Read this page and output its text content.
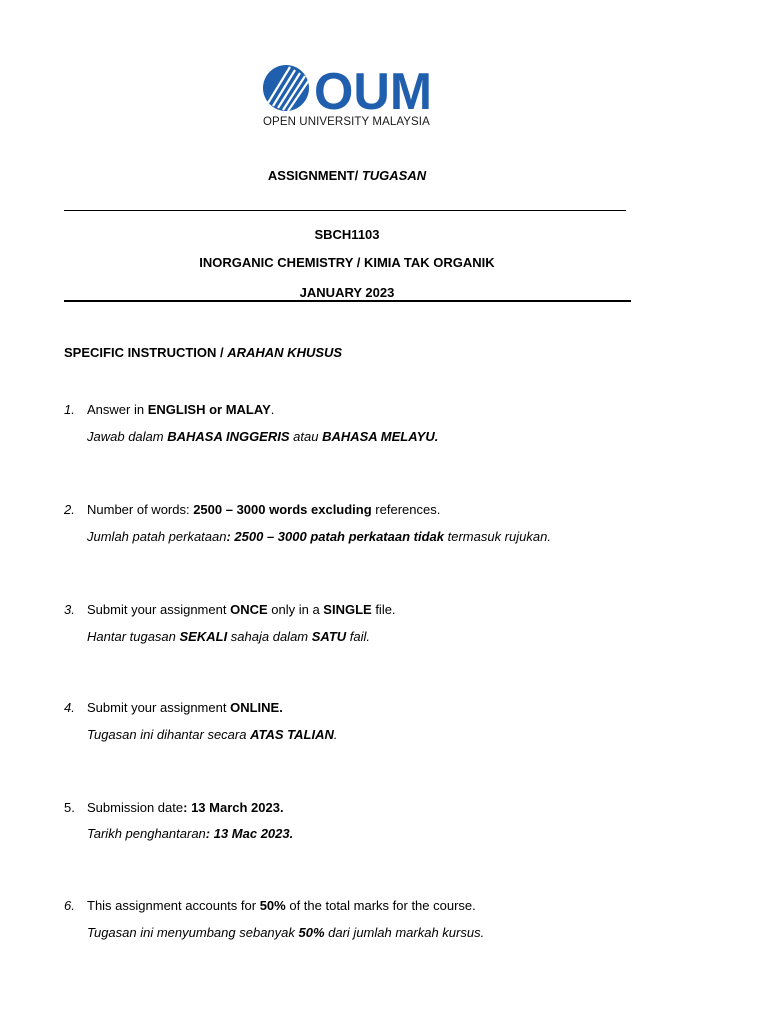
OUM
OPEN UNIVERSITY MALAYSIA
ASSIGNMENT/ TUGASAN
SBCH1103
INORGANIC CHEMISTRY / KIMIA TAK ORGANIK
JANUARY 2023
SPECIFIC INSTRUCTION / ARAHAN KHUSUS
1. Answer in ENGLISH or MALAY.
Jawab dalam BAHASA INGGERIS atau BAHASA MELAYU.
2. Number of words: 2500 – 3000 words excluding references.
Jumlah patah perkataan: 2500 – 3000 patah perkataan tidak termasuk rujukan.
3. Submit your assignment ONCE only in a SINGLE file.
Hantar tugasan SEKALI sahaja dalam SATU fail.
4. Submit your assignment ONLINE.
Tugasan ini dihantar secara ATAS TALIAN.
5. Submission date: 13 March 2023.
Tarikh penghantaran: 13 Mac 2023.
6. This assignment accounts for 50% of the total marks for the course.
Tugasan ini menyumbang sebanyak 50% dari jumlah markah kursus.
